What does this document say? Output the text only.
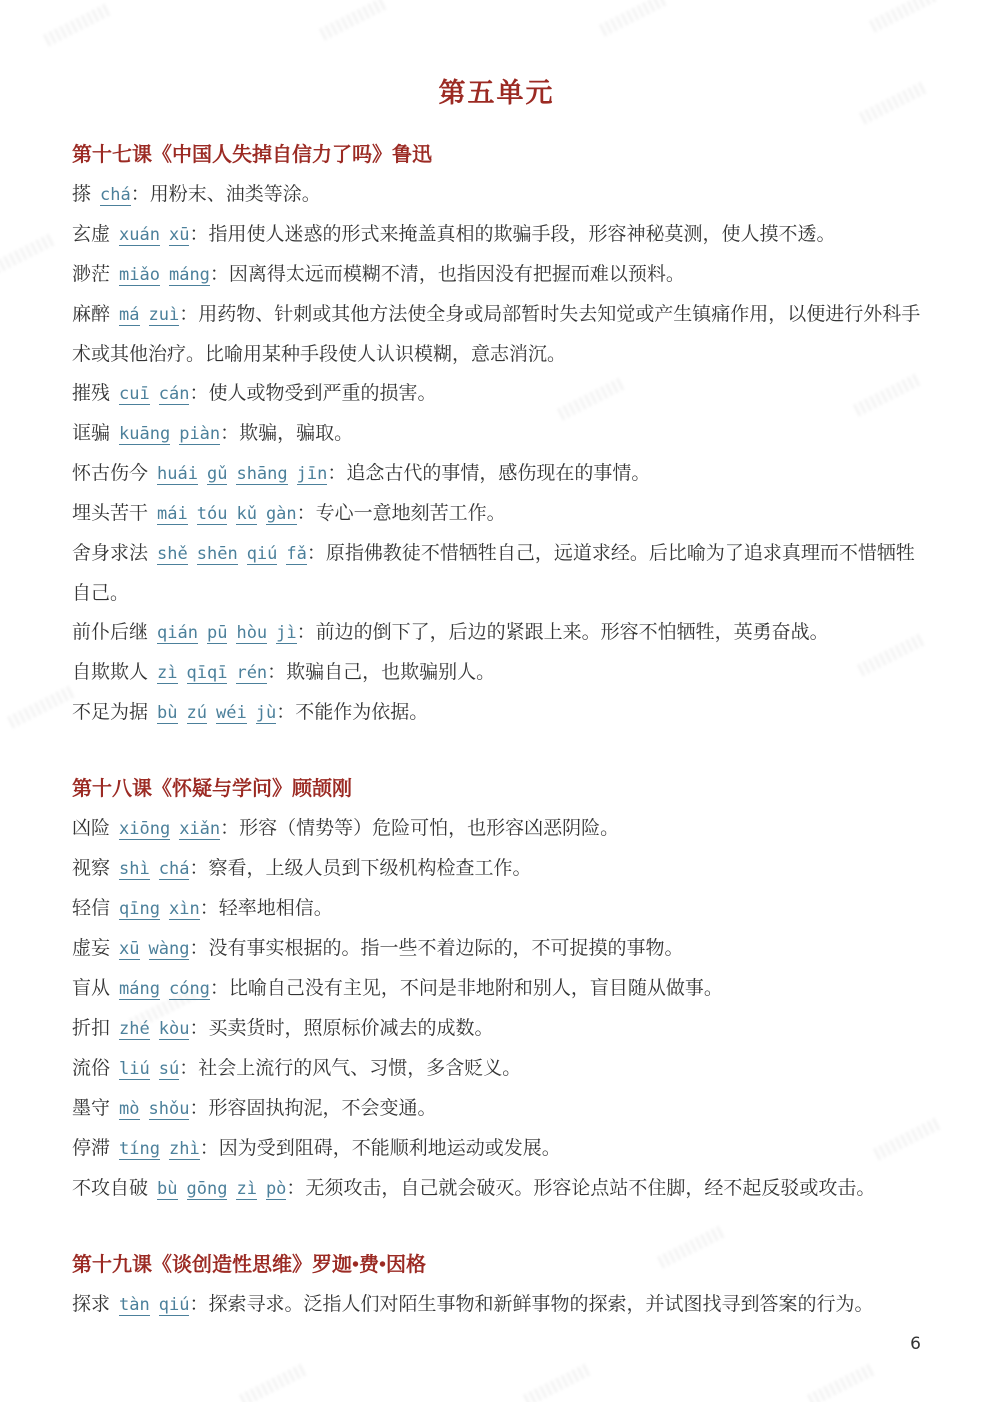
第五单元
第十七课《中国人失掉自信力了吗》鲁迅

搽 chá：用粉末、油类等涂。

玄虚 xuán xū：指用使人迷惑的形式来掩盖真相的欺骗手段，形容神秘莫测，使人摸不透。

渺茫 miǎo máng：因离得太远而模糊不清，也指因没有把握而难以预料。

麻醉 má zuì：用药物、针刺或其他方法使全身或局部暂时失去知觉或产生镇痛作用，以便进行外科手术或其他治疗。比喻用某种手段使人认识模糊，意志消沉。

摧残 cuī cán：使人或物受到严重的损害。

诓骗 kuāng piàn：欺骗，骗取。

怀古伤今 huái gǔ shāng jīn：追念古代的事情，感伤现在的事情。

埋头苦干 mái tóu kǔ gàn：专心一意地刻苦工作。

舍身求法 shě shēn qiú fǎ：原指佛教徒不惜牺牲自己，远道求经。后比喻为了追求真理而不惜牺牲自己。

前仆后继 qián pū hòu jì：前边的倒下了，后边的紧跟上来。形容不怕牺牲，英勇奋战。

自欺欺人 zì qīqī rén：欺骗自己，也欺骗别人。

不足为据 bù zú wéi jù：不能作为依据。

第十八课《怀疑与学问》顾颉刚

凶险 xiōng xiǎn：形容（情势等）危险可怕，也形容凶恶阴险。

视察 shì chá：察看，上级人员到下级机构检查工作。

轻信 qīng xìn：轻率地相信。

虚妄 xū wàng：没有事实根据的。指一些不着边际的，不可捉摸的事物。

盲从 máng cóng：比喻自己没有主见，不问是非地附和别人，盲目随从做事。

折扣 zhé kòu：买卖货时，照原标价减去的成数。

流俗 liú sú：社会上流行的风气、习惯，多含贬义。

墨守 mò shǒu：形容固执拘泥，不会变通。

停滞 tíng zhì：因为受到阻碍，不能顺利地运动或发展。

不攻自破 bù gōng zì pò：无须攻击，自己就会破灭。形容论点站不住脚，经不起反驳或攻击。

第十九课《谈创造性思维》罗迦•费•因格

探求 tàn qiú：探索寻求。泛指人们对陌生事物和新鲜事物的探索，并试图找寻到答案的行为。

6
